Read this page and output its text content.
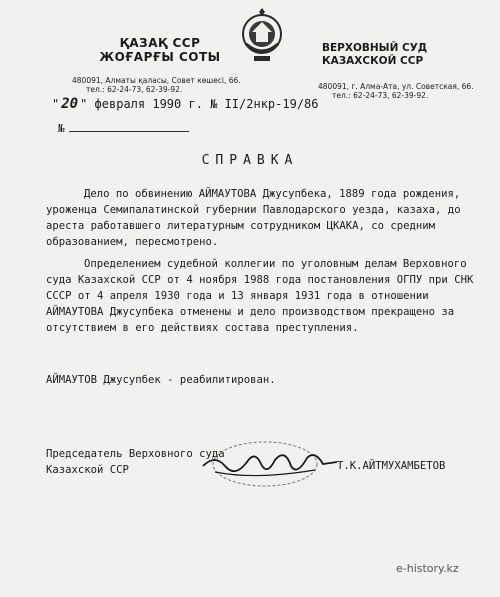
ҚАЗАҚ ССР
ЖОҒАРҒЫ СОТЫ
ВЕРХОВНЫЙ СУД
КАЗАХСКОЙ ССР
480091, Алматы қаласы, Совет көшесі, 66.
тел.: 62-24-73, 62-39-92.	480091, г. Алма-Ата, ул. Советская, 66.
тел.: 62-24-73, 62-39-92.
" 20 " февраля 1990 г. № II/2нкр-19/86
№
СПРАВКА

Дело по обвинению АЙМАУТОВА Джусупбека, 1889 года рождения, уроженца Семипалатинской губернии Павлодарского уезда, казаха, до ареста работавшего литературным сотрудником ЦКАКА, со средним образованием, пересмотрено.

Определением судебной коллегии по уголовным делам Верховного суда Казахской ССР от 4 ноября 1988 года постановления ОГПУ при СНК СССР от 4 апреля 1930 года и 13 января 1931 года в отношении АЙМАУТОВА Джусупбека отменены и дело производством прекращено за отсутствием в его действиях состава преступления.

АЙМАУТОВ Джусупбек - реабилитирован.
Председатель Верховного суда
Казахской ССР	Т.К.АЙТМУХАМБЕТОВ
e-history.kz
